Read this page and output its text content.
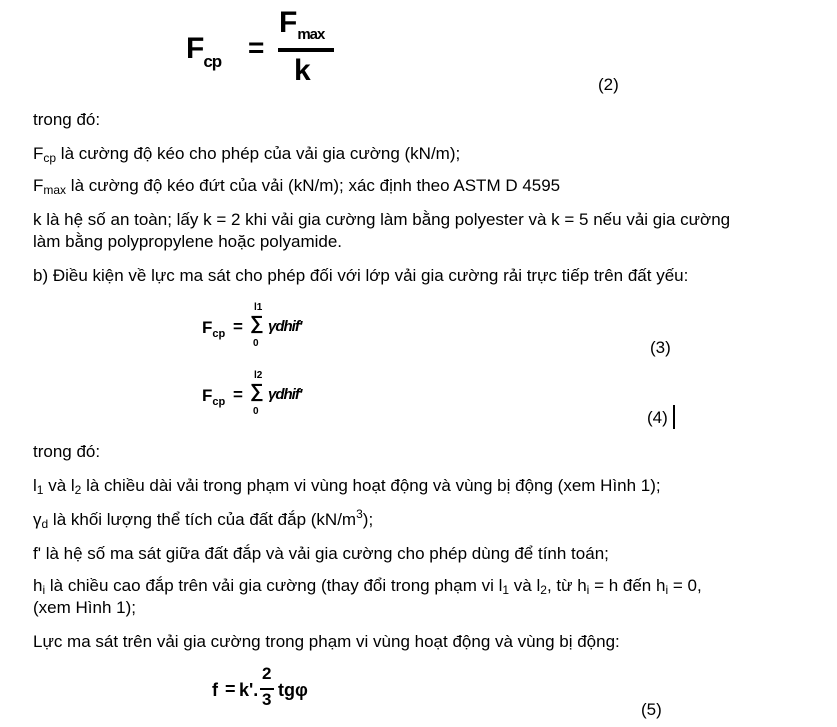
$F_{cp}$ =
$F_{max}$
k	(2)
trong đó:
$F_{cp}$ là cường độ kéo cho phép của vải gia cường (kN/m);
$F_{max}$ là cường độ kéo đứt của vải (kN/m); xác định theo ASTM D 4595
k là hệ số an toàn; lấy k = 2 khi vải gia cường làm bằng polyester và k = 5 nếu vải gia cường
làm bằng polypropylene hoặc polyamide.
b) Điều kiện về lực ma sát cho phép đối với lớp vải gia cường rải trực tiếp trên đất yếu:
$F_{cp}$ =
l1
∑
0
γdhif'
(3)
$F_{cp}$ =
l2
∑
0
γdhif'
(4)
trong đó:
$l_1$ và $l_2$ là chiều dài vải trong phạm vi vùng hoạt động và vùng bị động (xem Hình 1);
$\gamma_d$ là khối lượng thể tích của đất đắp $(kN/m^3)$;
f' là hệ số ma sát giữa đất đắp và vải gia cường cho phép dùng để tính toán;
$h_i$ là chiều cao đắp trên vải gia cường (thay đổi trong phạm vi $l_1$ và $l_2$, từ $h_i = h$ đến $h_i = 0$,
(xem Hình 1);
Lực ma sát trên vải gia cường trong phạm vi vùng hoạt động và vùng bị động:
f = k'.
2
3 tgφ
(5)
